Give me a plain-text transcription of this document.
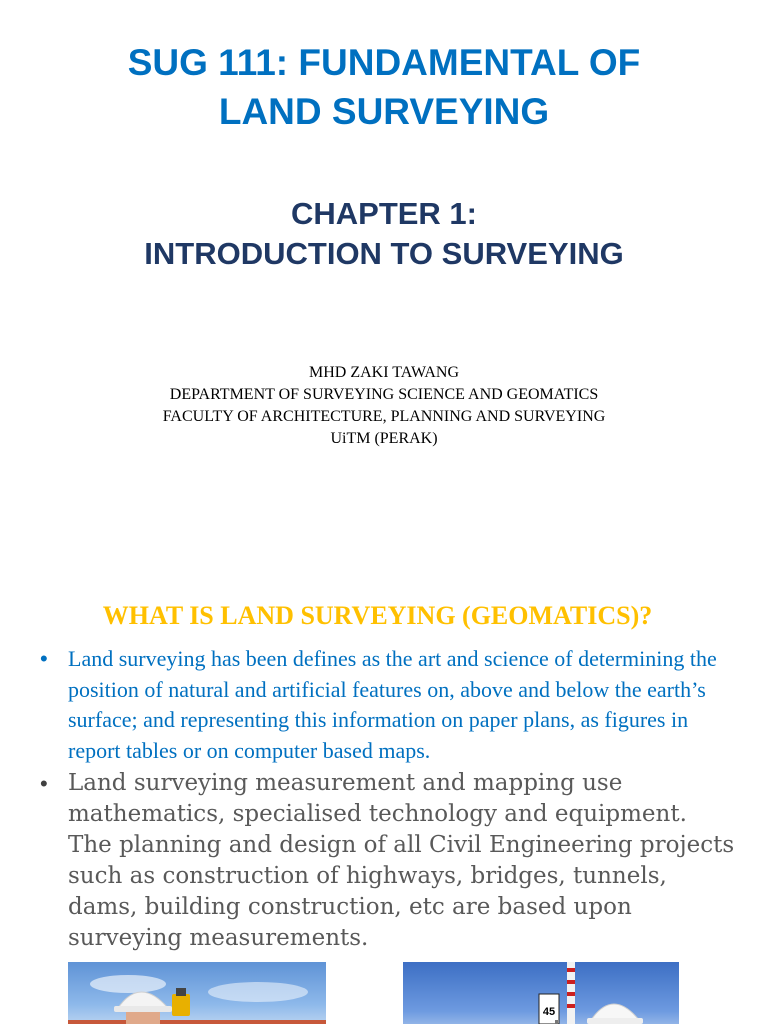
SUG 111: FUNDAMENTAL OF
LAND SURVEYING
CHAPTER 1:
INTRODUCTION TO SURVEYING
MHD ZAKI TAWANG
DEPARTMENT OF SURVEYING SCIENCE AND GEOMATICS
FACULTY OF ARCHITECTURE, PLANNING AND SURVEYING
UiTM (PERAK)
WHAT IS LAND SURVEYING (GEOMATICS)?
• Land surveying has been defines as the art and science of determining the position of natural and artificial features on, above and below the earth’s surface; and representing this information on paper plans, as figures in report tables or on computer based maps.
• Land surveying measurement and mapping use mathematics, specialised technology and equipment. The planning and design of all Civil Engineering projects such as construction of highways, bridges, tunnels, dams, building construction, etc are based upon surveying measurements.
45
